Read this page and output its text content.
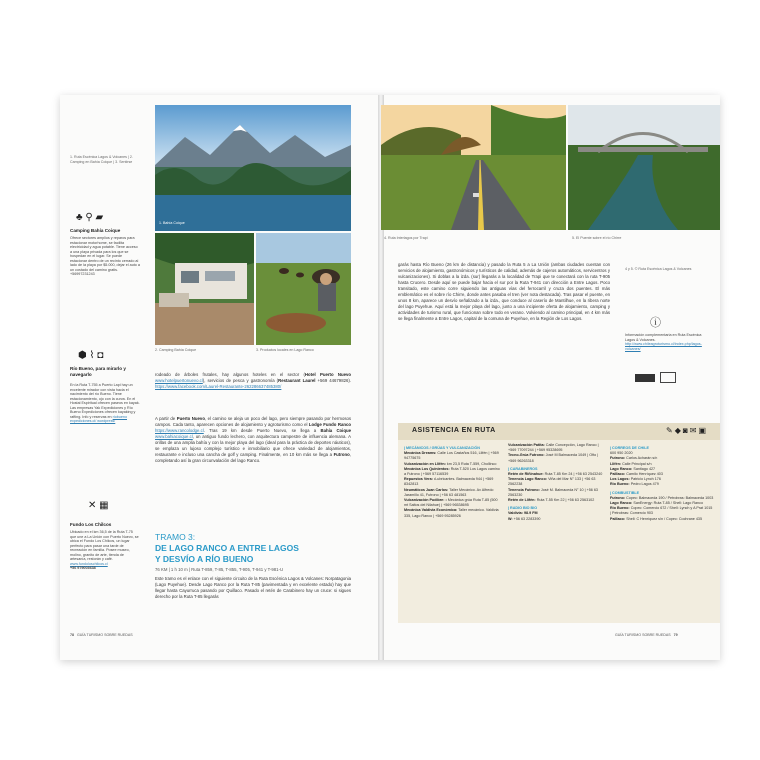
1. Ruta Escénica Lagos & Volcanes | 2. Camping en Bahía Coique | 3. Sentirse
♣ ⚲ ▰
Camping Bahía Coique
Ofrece sectores amplios y reparos para estacionar motorhome, se facilita electricidad y agua potable. Tiene acceso a una playa privada para los que se hospedan en el lugar. Se puede estacionar dentro de un recinto cerrado al lado de la playa por $5.000, dejar el auto a un costado del camino gratis. +56997231243
⬢ ⌇ ◘
Río Bueno, para mirarlo y navegarlo
En la Ruta T-755 a Puerto Lapi hay un excelente mirador con vista hacia el nacimiento del río Bueno. Tiene estacionamiento, ojo con la curva. En el Hostal Espiritual ofrecen paseos en kayak. Las empresas Yak Expediciones y Río Bueno Expediciones ofrecen kayaking y rafting. Info y reservas en riobueno expediciones.cl/ wordpress/
✕ ▦
Fundo Los Chilcos
Ubicado en el km 36,5 de la Ruta T-75 que une a La Unión con Puerto Nuevo, se ubica el Fundo Los Chilcos, un lugar perfecto para pasar una tarde de recreación en familia. Posee museo, molino, granito de arte, tienda de artesanía, restorán y café. www.fundoloschilcos.cl
+56 979003638
1. Bahía Coique
2. Camping Bahía Coique	3. Productos locales en Lago Ranco
rodeado de árboles frutales, hay algunos hoteles en el sector (Hotel Puerto Nuevo www.hotelpuertonuevo.cl), servicios de pesca y gastronomía (Restaurant Laurel +569 44679826). https://www.facebook.com/Laurel-Restaurante-262286637485380/
A partir de Puerto Nuevo, el camino se aleja un poco del lago, pero siempre pasando por hermosos campos. Cada tanto, aparecen opciones de alojamiento y agroturismo como el Lodge Fundo Ranco https://www.rancolodge.cl. Tras 19 km desde Puerto Nuevo, se llega a Bahía Coique www.bahiacoique.cl, un antiguo fundo lechero, con arquitectura campestre de influencia alemana. A orillas de una amplia bahía y con la mejor playa del lago (ideal para la práctica de deportes náuticos), se emplaza un lujoso complejo turístico e inmobiliario que ofrece variedad de alojamientos, restaurante e incluso una cancha de golf y camping. Finalmente, en 10 km más se llega a Futrono, completando así la gran circunvalación del lago Ranco.
TRAMO 3:
DE LAGO RANCO A ENTRE LAGOS
Y DESVÍO A RÍO BUENO
76 KM | 1 h 10 m | Ruta T-859, T-85, T-855, T-905, T-941 y T-981-U
Este tramo es el enlace con el siguiente circuito de la Ruta Escénica Lagos & Volcanes: Norpatagonia (Lago Puyehue). Desde Lago Ranco por la Ruta T-85 (pavimentada y en excelente estado) hay que llegar hasta Cayurruca pasando por Quillaco. Pasado el retén de Carabinero hay un cruce: si sigues derecho por la Ruta T-85 llegarás
78 GUÍA TURISMO SOBRE RUEDAS
4. Ruta Interlagos por Trapi	5. El Puente sobre el río Chirre
garás hasta Río Bueno (26 km de distancia) y pasado la Ruta 5 a La Unión (ambas ciudades cuentan con servicios de alojamiento, gastronómicos y turísticos de calidad, además de cajeros automáticos, servicentros y vulcanizaciones). Si doblas a la izda. (sur) llegarás a la localidad de Trapi que te conectará con la ruta T-905 hasta Crucero. Desde aquí se puede bajar hacia el sur por la Ruta T-941 con dirección a Entre Lagos. Poco transitado, este camino corre siguiendo las antiguas vías del ferrocarril y cruza dos puentes. El más emblemático es el sobre río Chirre, donde antes pasaba el tren (ver nota destacada). Tras pasar el puente, en unos 8 km, aparece un desvío señalizado a la izda., que conduce al caserío de Mantilhue, en la ribera norte del lago Puyehue. Aquí está la mejor playa del lago, junto a una incipiente oferta de alojamiento, camping y actividades de turismo rural, que funcionan sobre todo en verano. Volviendo al camino principal, en 4 km más se llega finalmente a Entre Lagos, capital de la comuna de Puyehue, en la Región de Los Lagos.
4 y 5. © Ruta Escénica Lagos & Volcanes
ⓘ
Información complementaria en Ruta Escénica Lagos & Volcanes. http://www.chileagroturismo.cl/index.php/lagos-volcanes/
ASISTENCIA EN RUTA	✎◆◙✉▣
| MECÁNICOS / GRÚAS Y VULCANIZACIÓN
Mecánica Dreams: Calle Los Castaños 516, Llifén | +569 94775675
Vulcanización en Llifén: km 23,5 Ruta T-559, Chollinco
Mecánica Los Quinientos: Ruta T-520 Los Lagos camino a Futrono | +569 57116539
Repuestos Vera: •Lubricantes. Balmaceda 944 | +569 8342813
Neumáticos Juan Carlos: Taller Mecánico. Av Alfredo Jaramillo 41, Futrono | +56 63 481563
Vulcanización Pudibre: • Mecánica grúa Ruta T-85 (500 mt Saltos del Nilahue) | +569 96538695
Mecánica Valdivia Económica: Taller mecánico. Valdivia 335, Lago Ranco | +569 95285926
Vulcanización Patita: Calle Concepción, Lago Ranco | +569 77097244 | +569 95328695
Tecno-Grúa Futrono: José M Balmaceda 1049 | Ofto | +569 96263318
| CARABINEROS
Retén de Riñinahue: Ruta T-85 Km 24 | +56 63 2543240
Tenencia Lago Ranco: Viña del Mar N° 133 | +56 63 2562238
Tenencia Futrono: José M. Balmaceda N° 10 | +56 63 2563230
Retén de Llifén: Ruta T-55 Km 22 | +56 63 2563102
| RADIO BIO BIO
Valdivia: 98.9 FM
W: +56 63 2283390
| CORREOS DE CHILE
600 950 2020
Futrono: Carlos Acharán s/n
Llifén: Calle Principal s/n
Lago Ranco: Santiago 427
Paillaco: Camilo Henríquez 403
Los Lagos: Patricio Lynch 176
Río Bueno: Pedro Lagos 479
| COMBUSTIBLE
Futrono: Copec: Balmaceda 190 / Petrobras: Balmaceda 1003
Lago Ranco: SanEnergy: Ruta T-85 / Shell: Lago Ranco
Río Bueno: Copec: Comercio 672 / Shell: Lynch y A Prat 1015 | Petrobras: Comercio 903
Paillaco: Shell: C Henríquez s/n / Copec: Cochrane 435
GUÍA TURISMO SOBRE RUEDAS 79
